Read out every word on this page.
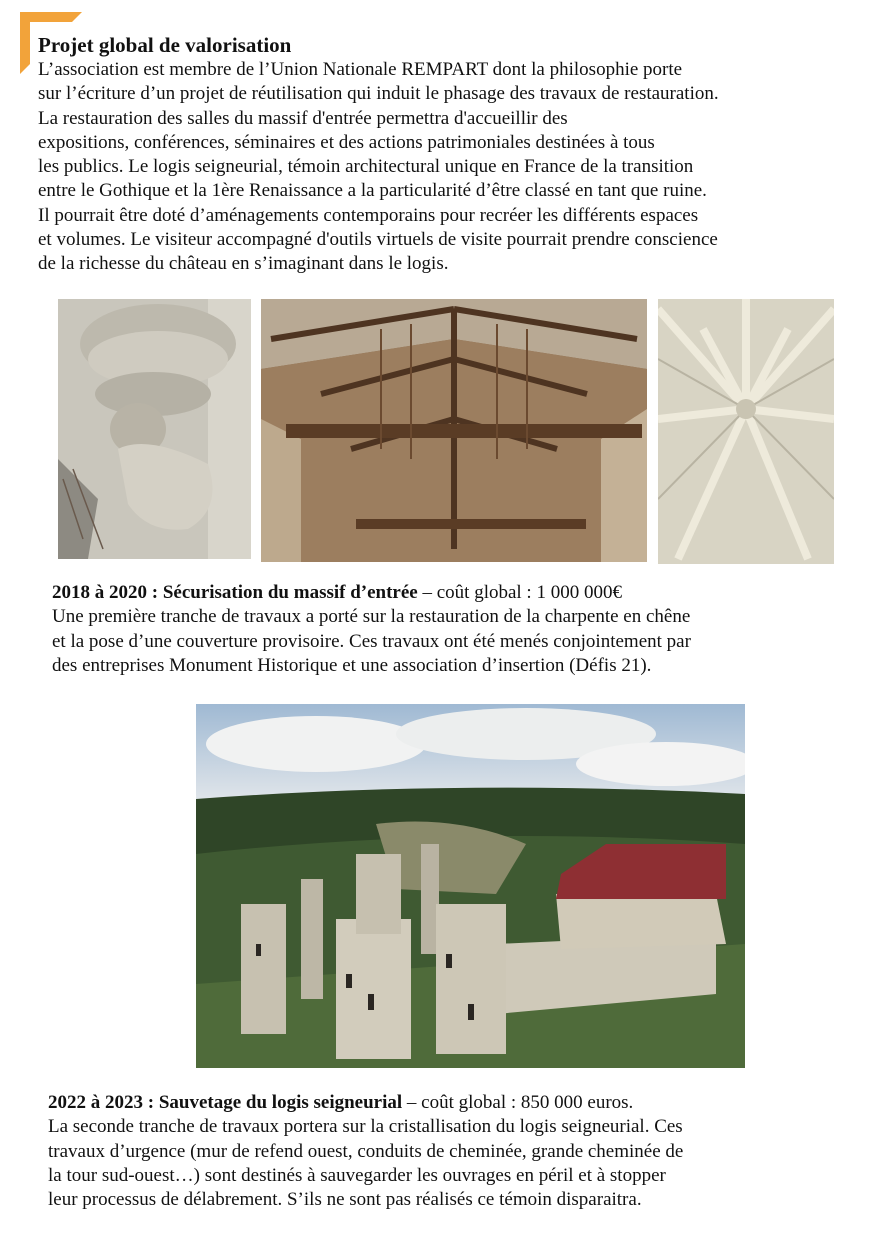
Projet global de valorisation
L’association est membre de l’Union Nationale REMPART dont la philosophie porte
sur l’écriture d’un projet de réutilisation qui induit le phasage des travaux de restauration.
La restauration des salles du massif d'entrée permettra d'accueillir des
expositions, conférences, séminaires et des actions patrimoniales destinées à tous
les publics. Le logis seigneurial, témoin architectural unique en France de la transition
entre le Gothique et la 1ère Renaissance a la particularité d’être classé en tant que ruine.
Il pourrait être doté d’aménagements contemporains pour recréer les différents espaces
et volumes. Le visiteur accompagné d'outils virtuels de visite pourrait prendre conscience
de la richesse du château en s’imaginant dans le logis.
2018 à 2020 : Sécurisation du massif d’entrée – coût global : 1 000 000€
Une première tranche de travaux a porté sur la restauration de la charpente en chêne
et la pose d’une couverture provisoire. Ces travaux ont été menés conjointement par
des entreprises Monument Historique et une association d’insertion (Défis 21).
2022 à 2023 : Sauvetage du logis seigneurial – coût global : 850 000 euros.
La seconde tranche de travaux portera sur la cristallisation du logis seigneurial. Ces
travaux d’urgence (mur de refend ouest, conduits de cheminée, grande cheminée de
la tour sud-ouest…) sont destinés à sauvegarder les ouvrages en péril et à stopper
leur processus de délabrement. S’ils ne sont pas réalisés ce témoin disparaitra.
